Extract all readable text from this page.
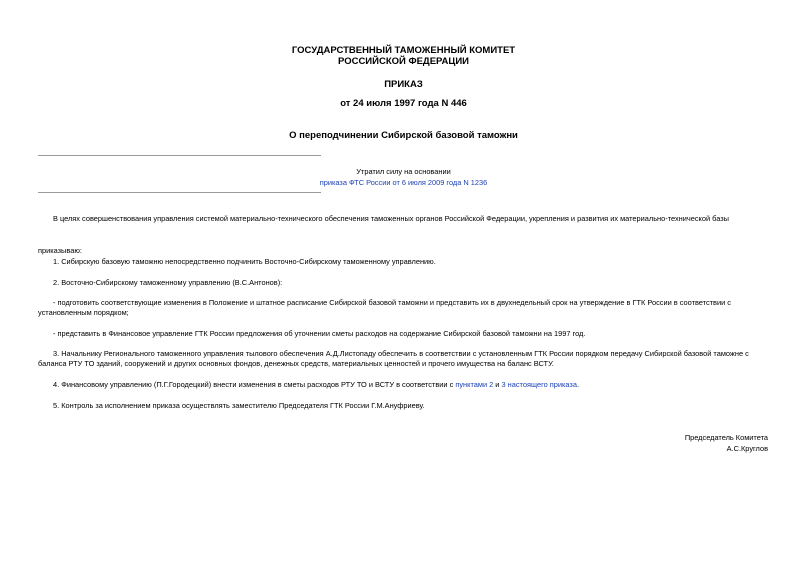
ГОСУДАРСТВЕННЫЙ ТАМОЖЕННЫЙ КОМИТЕТ
РОССИЙСКОЙ ФЕДЕРАЦИИ
ПРИКАЗ
от 24 июля 1997 года N 446
О переподчинении Сибирской базовой таможни
Утратил силу на основании
приказа ФТС России от 6 июля 2009 года N 1236
В целях совершенствования управления системой материально-технического обеспечения таможенных органов Российской Федерации, укрепления и развития их материально-технической базы
приказываю:
1. Сибирскую базовую таможню непосредственно подчинить Восточно-Сибирскому таможенному управлению.
2. Восточно-Сибирскому таможенному управлению (В.С.Антонов):
- подготовить соответствующие изменения в Положение и штатное расписание Сибирской базовой таможни и представить их в двухнедельный срок на утверждение в ГТК России в соответствии с установленным порядком;
- представить в Финансовое управление ГТК России предложения об уточнении сметы расходов на содержание Сибирской базовой таможни на 1997 год.
3. Начальнику Регионального таможенного управления тылового обеспечения А.Д.Листопаду обеспечить в соответствии с установленным ГТК России порядком передачу Сибирской базовой таможне с баланса РТУ ТО зданий, сооружений и других основных фондов, денежных средств, материальных ценностей и прочего имущества на баланс ВСТУ.
4. Финансовому управлению (П.Г.Городецкий) внести изменения в сметы расходов РТУ ТО и ВСТУ в соответствии с пунктами 2 и 3 настоящего приказа.
5. Контроль за исполнением приказа осуществлять заместителю Председателя ГТК России Г.М.Ануфриеву.
Председатель Комитета
А.С.Круглов
